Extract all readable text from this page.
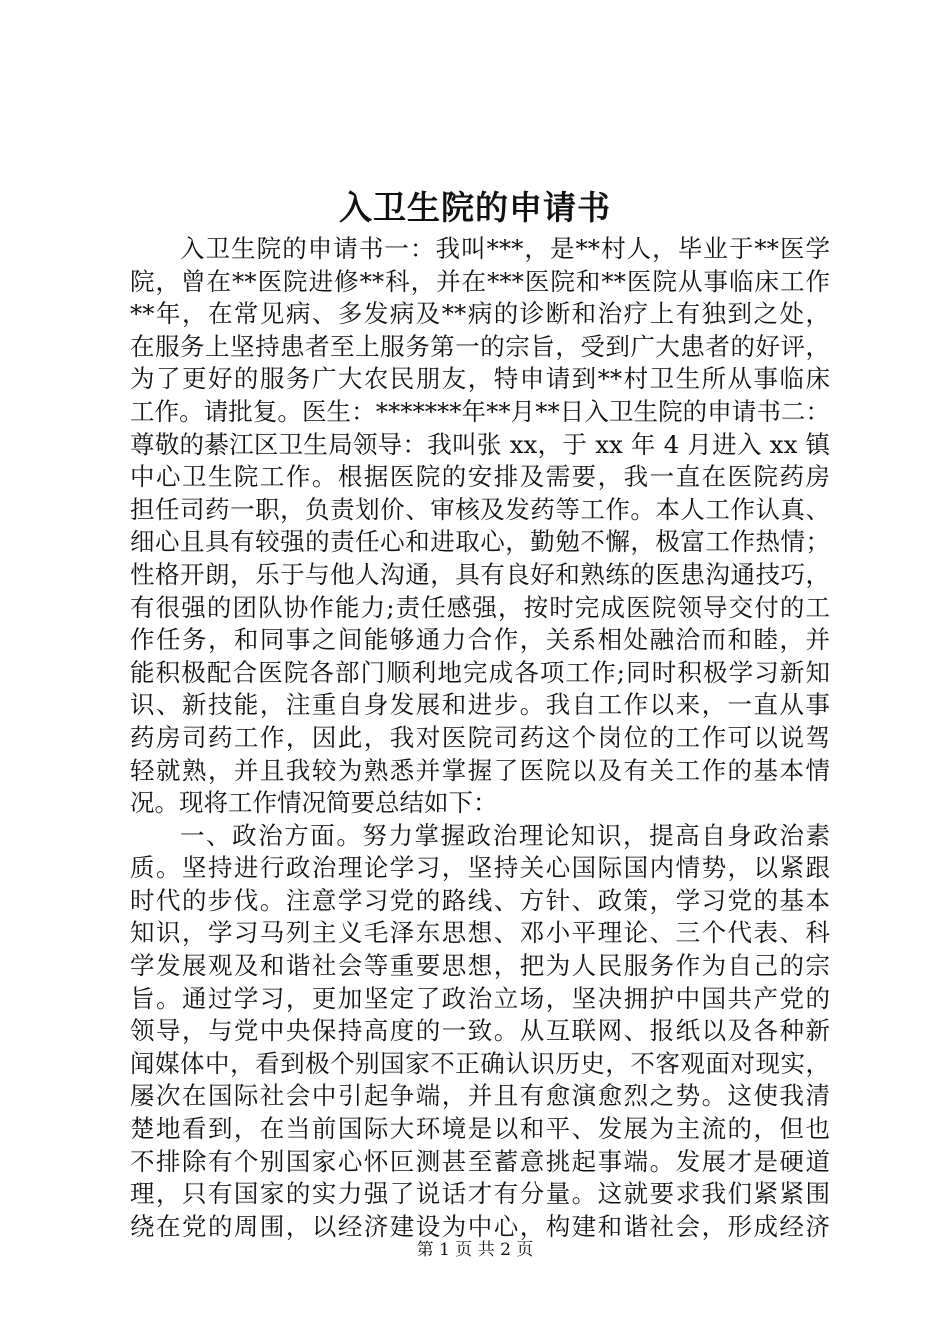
入卫生院的申请书
入卫生院的申请书一：我叫***，是**村人，毕业于**医学
院，曾在**医院进修**科，并在***医院和**医院从事临床工作
**年，在常见病、多发病及**病的诊断和治疗上有独到之处，
在服务上坚持患者至上服务第一的宗旨，受到广大患者的好评，
为了更好的服务广大农民朋友，特申请到**村卫生所从事临床
工作。请批复。医生：*******年**月**日入卫生院的申请书二：
尊敬的綦江区卫生局领导：我叫张 xx，于 xx 年 4 月进入 xx 镇
中心卫生院工作。根据医院的安排及需要，我一直在医院药房
担任司药一职，负责划价、审核及发药等工作。本人工作认真、
细心且具有较强的责任心和进取心，勤勉不懈，极富工作热情；
性格开朗，乐于与他人沟通，具有良好和熟练的医患沟通技巧，
有很强的团队协作能力;责任感强，按时完成医院领导交付的工
作任务，和同事之间能够通力合作，关系相处融洽而和睦，并
能积极配合医院各部门顺利地完成各项工作;同时积极学习新知
识、新技能，注重自身发展和进步。我自工作以来，一直从事
药房司药工作，因此，我对医院司药这个岗位的工作可以说驾
轻就熟，并且我较为熟悉并掌握了医院以及有关工作的基本情
况。现将工作情况简要总结如下：
一、政治方面。努力掌握政治理论知识，提高自身政治素
质。坚持进行政治理论学习，坚持关心国际国内情势，以紧跟
时代的步伐。注意学习党的路线、方针、政策，学习党的基本
知识，学习马列主义毛泽东思想、邓小平理论、三个代表、科
学发展观及和谐社会等重要思想，把为人民服务作为自己的宗
旨。通过学习，更加坚定了政治立场，坚决拥护中国共产党的
领导，与党中央保持高度的一致。从互联网、报纸以及各种新
闻媒体中，看到极个别国家不正确认识历史，不客观面对现实，
屡次在国际社会中引起争端，并且有愈演愈烈之势。这使我清
楚地看到，在当前国际大环境是以和平、发展为主流的，但也
不排除有个别国家心怀叵测甚至蓄意挑起事端。发展才是硬道
理，只有国家的实力强了说话才有分量。这就要求我们紧紧围
绕在党的周围，以经济建设为中心，构建和谐社会，形成经济
第 1 页 共 2 页
